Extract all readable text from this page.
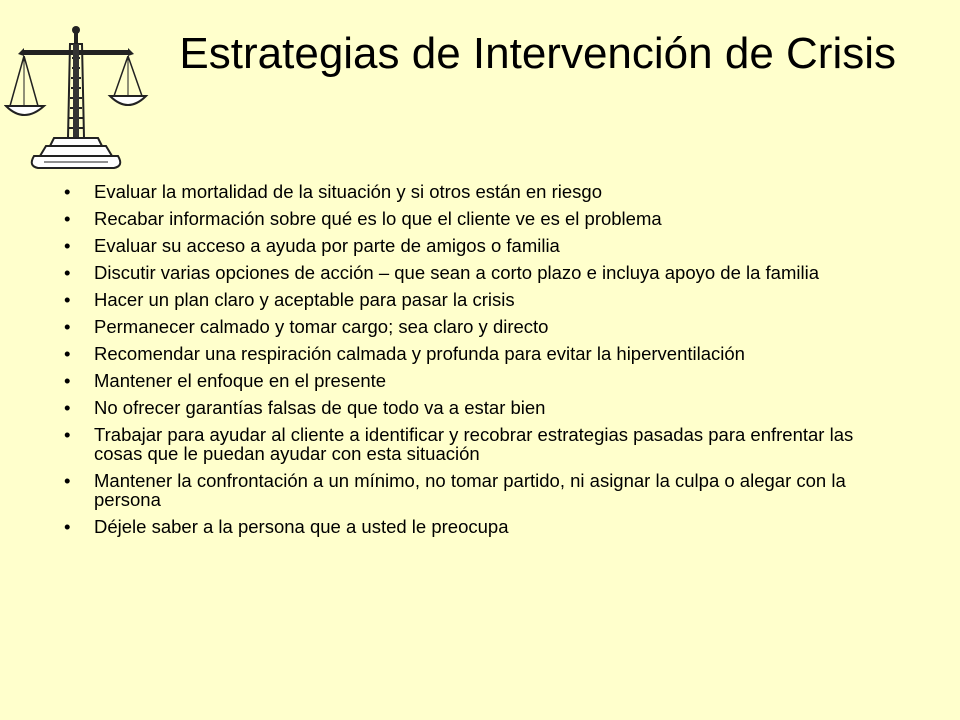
Estrategias de Intervención de Crisis
• Evaluar la mortalidad de la situación y si otros están en riesgo
• Recabar información sobre qué es lo que el cliente ve es el problema
• Evaluar su acceso a ayuda por parte de amigos o familia
• Discutir varias opciones de acción – que sean a corto plazo e incluya apoyo de la familia
• Hacer un plan claro y aceptable para pasar la crisis
• Permanecer calmado y tomar cargo; sea claro y directo
• Recomendar una respiración calmada y profunda para evitar la hiperventilación
• Mantener el enfoque en el presente
• No ofrecer garantías falsas de que todo va a estar bien
• Trabajar para ayudar al cliente a identificar y recobrar estrategias pasadas para enfrentar las cosas que le puedan ayudar con esta situación
• Mantener la confrontación a un mínimo, no tomar partido, ni asignar la culpa o alegar con la persona
• Déjele saber a la persona que a usted le preocupa
